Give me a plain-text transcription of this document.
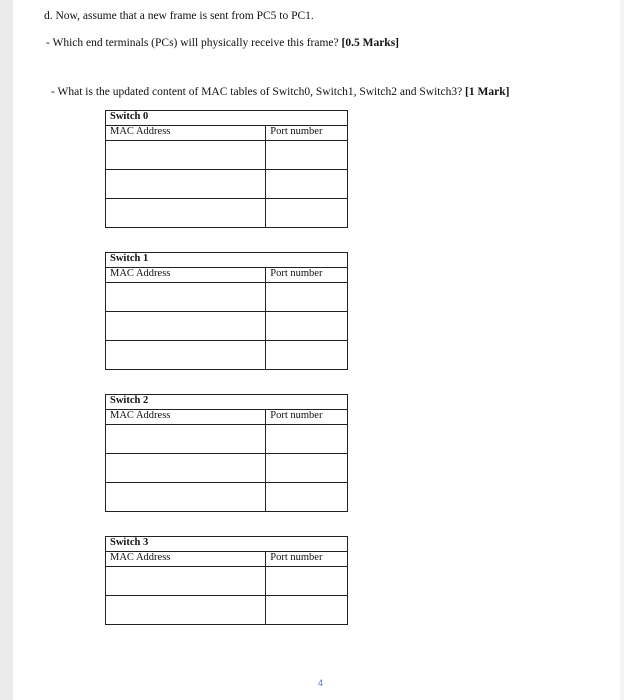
d. Now, assume that a new frame is sent from PC5 to PC1.
- Which end terminals (PCs) will physically receive this frame? [0.5 Marks]
- What is the updated content of MAC tables of Switch0, Switch1, Switch2 and Switch3? [1 Mark]
Switch 0	
MAC Address	Port number

Switch 1	
MAC Address	Port number

Switch 2	
MAC Address	Port number

Switch 3	
MAC Address	Port number

4
